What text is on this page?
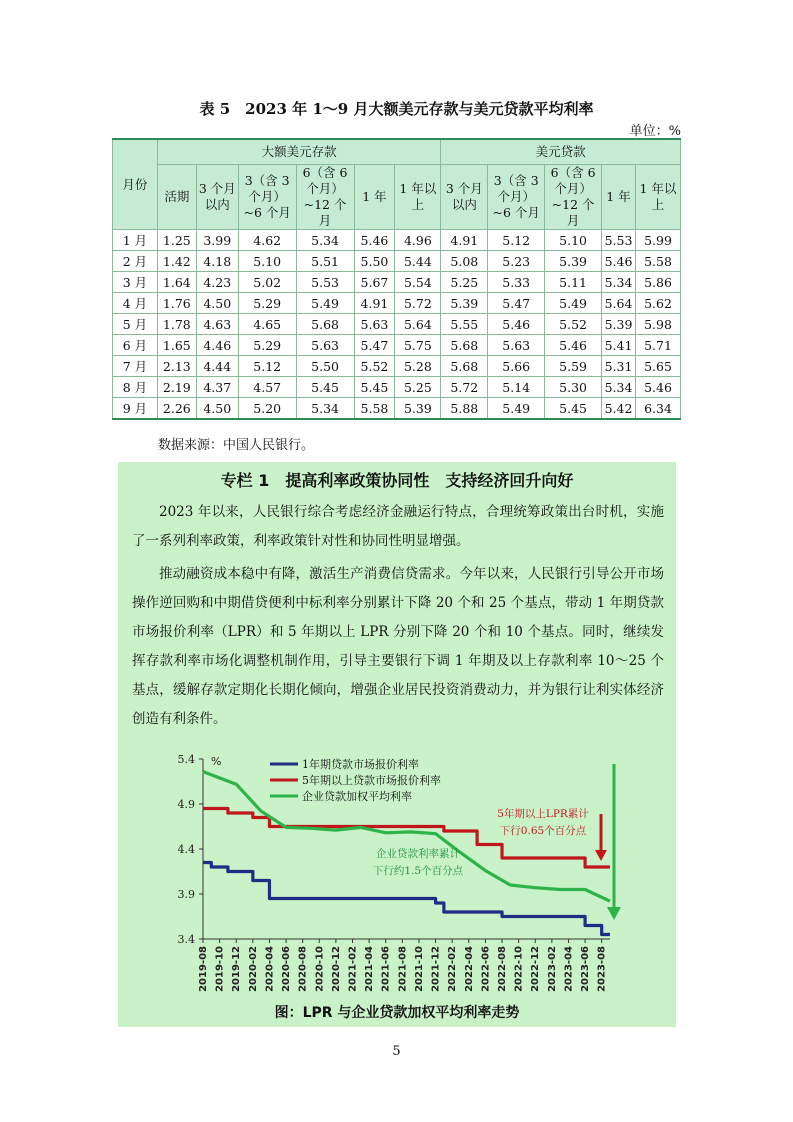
表 5　2023 年 1～9 月大额美元存款与美元贷款平均利率
单位：%
月份	大额美元存款						美元贷款				
	活期	3 个月以内	3（含 3 个月）~6 个月	6（含 6 个月）~12 个月	1 年	1 年以上	3 个月以内	3（含 3 个月）~6 个月	6（含 6 个月）~12 个月	1 年	1 年以上
1 月	1.25	3.99	4.62	5.34	5.46	4.96	4.91	5.12	5.10	5.53	5.99
2 月	1.42	4.18	5.10	5.51	5.50	5.44	5.08	5.23	5.39	5.46	5.58
3 月	1.64	4.23	5.02	5.53	5.67	5.54	5.25	5.33	5.11	5.34	5.86
4 月	1.76	4.50	5.29	5.49	4.91	5.72	5.39	5.47	5.49	5.64	5.62
5 月	1.78	4.63	4.65	5.68	5.63	5.64	5.55	5.46	5.52	5.39	5.98
6 月	1.65	4.46	5.29	5.63	5.47	5.75	5.68	5.63	5.46	5.41	5.71
7 月	2.13	4.44	5.12	5.50	5.52	5.28	5.68	5.66	5.59	5.31	5.65
8 月	2.19	4.37	4.57	5.45	5.45	5.25	5.72	5.14	5.30	5.34	5.46
9 月	2.26	4.50	5.20	5.34	5.58	5.39	5.88	5.49	5.45	5.42	6.34
数据来源：中国人民银行。
专栏 1　提高利率政策协同性　支持经济回升向好
2023 年以来，人民银行综合考虑经济金融运行特点，合理统筹政策出台时机，实施了一系列利率政策，利率政策针对性和协同性明显增强。
推动融资成本稳中有降，激活生产消费信贷需求。今年以来，人民银行引导公开市场操作逆回购和中期借贷便利中标利率分别累计下降 20 个和 25 个基点，带动 1 年期贷款市场报价利率（LPR）和 5 年期以上 LPR 分别下降 20 个和 10 个基点。同时，继续发挥存款利率市场化调整机制作用，引导主要银行下调 1 年期及以上存款利率 10～25 个基点，缓解存款定期化长期化倾向，增强企业居民投资消费动力，并为银行让利实体经济创造有利条件。
3.4
3.9
4.4
4.9
5.4 %
2019-08 2019-10 2019-12 2020-02 2020-04 2020-06 2020-08 2020-10 2020-12 2021-02 2021-04 2021-06 2021-08 2021-10 2021-12 2022-02 2022-04 2022-06 2022-08 2022-10 2022-12 2023-02 2023-04 2023-06 2023-08
1年期贷款市场报价利率
5年期以上贷款市场报价利率
企业贷款加权平均利率
5年期以上LPR累计
下行0.65个百分点
企业贷款利率累计
下行约1.5个百分点
图：LPR 与企业贷款加权平均利率走势
5
